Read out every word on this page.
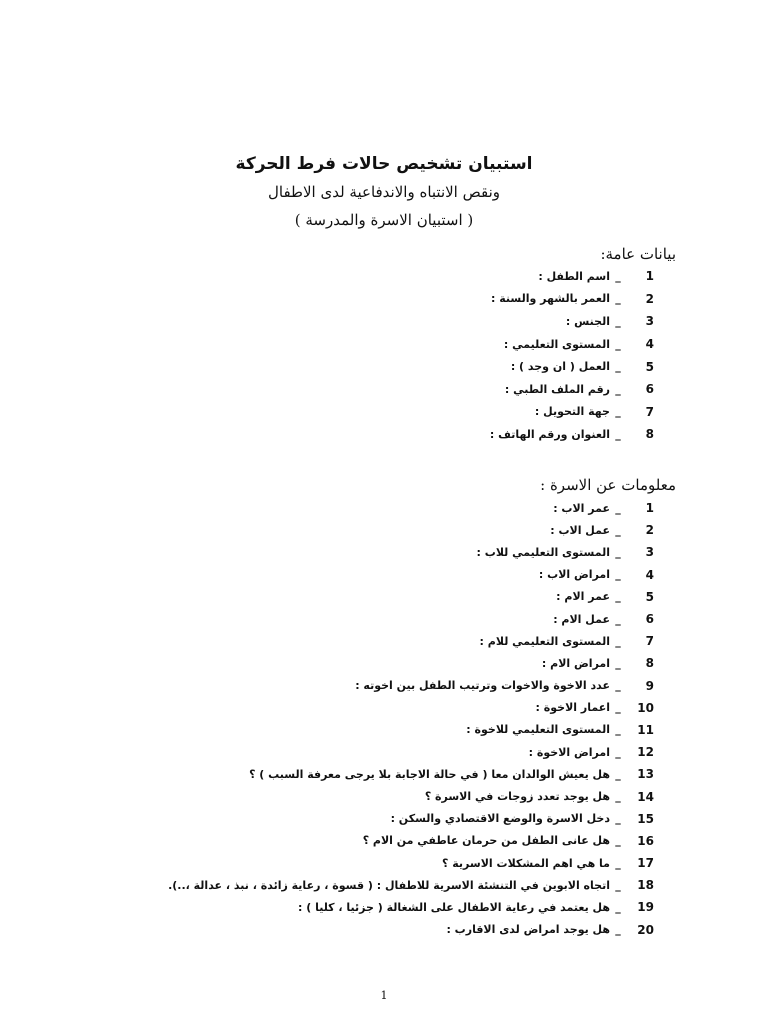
استبيان تشخيص حالات فرط الحركة

ونقص الانتباه والاندفاعية لدى الاطفال

( استبيان الاسرة والمدرسة )

بيانات عامة:
1
_
اسم الطفل :
2
_
العمر بالشهر والسنة :
3
_
الجنس :
4
_
المستوى التعليمي :
5
_
العمل ( ان وجد ) :
6
_
رقم الملف الطبي :
7
_
جهة التحويل :
8
_
العنوان ورقم الهاتف :
معلومات عن الاسرة :
1
_
عمر الاب :
2
_
عمل الاب :
3
_
المستوى التعليمي للاب :
4
_
امراض الاب :
5
_
عمر الام :
6
_
عمل الام :
7
_
المستوى التعليمي للام :
8
_
امراض الام :
9
_
عدد الاخوة والاخوات وترتيب الطفل بين اخوته :
10
_
اعمار الاخوة :
11
_
المستوى التعليمي للاخوة :
12
_
امراض الاخوة :
13
_
هل يعيش الوالدان معا ( في حالة الاجابة بلا يرجى معرفة السبب ) ؟
14
_
هل يوجد تعدد زوجات في الاسرة ؟
15
_
دخل الاسرة والوضع الاقتصادي والسكن :
16
_
هل عانى الطفل من حرمان عاطفي من الام ؟
17
_
ما هي اهم المشكلات الاسرية ؟
18
_
اتجاه الابوين في التنشئة الاسرية للاطفال : ( قسوة ، رعاية زائدة ، نبذ ، عدالة ،..).
19
_
هل يعتمد في رعاية الاطفال على الشغالة ( جزئيا ، كليا ) :
20
_
هل يوجد امراض لدى الاقارب :
1
